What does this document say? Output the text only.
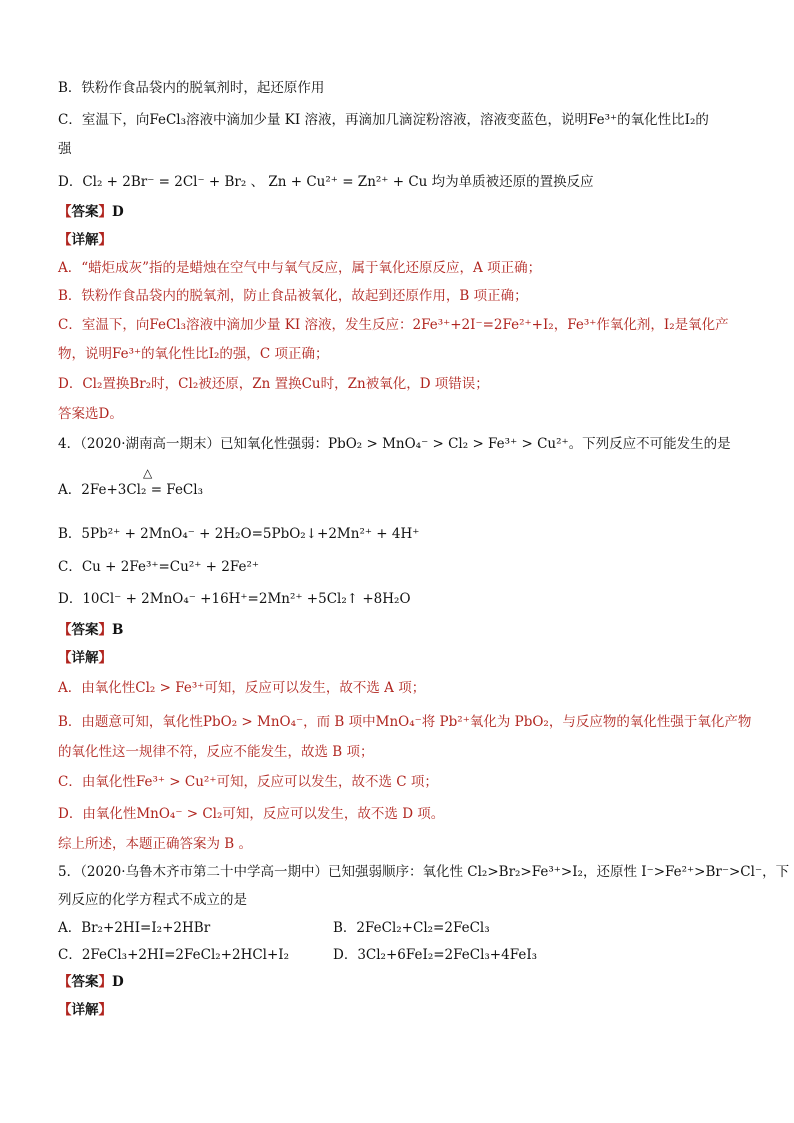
B．铁粉作食品袋内的脱氧剂时，起还原作用
C．室温下，向FeCl₃溶液中滴加少量 KI 溶液，再滴加几滴淀粉溶液，溶液变蓝色，说明Fe³⁺的氧化性比I₂的
强
D．Cl₂ + 2Br⁻ = 2Cl⁻ + Br₂ 、 Zn + Cu²⁺ = Zn²⁺ + Cu 均为单质被还原的置换反应
【答案】D
【详解】
A．“蜡炬成灰”指的是蜡烛在空气中与氧气反应，属于氧化还原反应，A 项正确；
B．铁粉作食品袋内的脱氧剂，防止食品被氧化，故起到还原作用，B 项正确；
C．室温下，向FeCl₃溶液中滴加少量 KI 溶液，发生反应：2Fe³⁺+2I⁻=2Fe²⁺+I₂，Fe³⁺作氧化剂，I₂是氧化产
物，说明Fe³⁺的氧化性比I₂的强，C 项正确；
D．Cl₂置换Br₂时，Cl₂被还原，Zn 置换Cu时，Zn被氧化，D 项错误；
答案选D。
4．（2020·湖南高一期末）已知氧化性强弱：PbO₂ > MnO₄⁻ > Cl₂ > Fe³⁺ > Cu²⁺。下列反应不可能发生的是
△
A．2Fe+3Cl₂ = FeCl₃
B．5Pb²⁺ + 2MnO₄⁻ + 2H₂O=5PbO₂↓+2Mn²⁺ + 4H⁺
C．Cu + 2Fe³⁺=Cu²⁺ + 2Fe²⁺
D．10Cl⁻ + 2MnO₄⁻ +16H⁺=2Mn²⁺ +5Cl₂↑ +8H₂O
【答案】B
【详解】
A．由氧化性Cl₂ > Fe³⁺可知，反应可以发生，故不选 A 项；
B．由题意可知，氧化性PbO₂ > MnO₄⁻，而 B 项中MnO₄⁻将 Pb²⁺氧化为 PbO₂，与反应物的氧化性强于氧化产物
的氧化性这一规律不符，反应不能发生，故选 B 项；
C．由氧化性Fe³⁺ > Cu²⁺可知，反应可以发生，故不选 C 项；
D．由氧化性MnO₄⁻ > Cl₂可知，反应可以发生，故不选 D 项。
综上所述，本题正确答案为 B 。
5．（2020·乌鲁木齐市第二十中学高一期中）已知强弱顺序：氧化性 Cl₂>Br₂>Fe³⁺>I₂，还原性 I⁻>Fe²⁺>Br⁻>Cl⁻，下
列反应的化学方程式不成立的是
A．Br₂+2HI=I₂+2HBr	B．2FeCl₂+Cl₂=2FeCl₃
C．2FeCl₃+2HI=2FeCl₂+2HCl+I₂	D．3Cl₂+6FeI₂=2FeCl₃+4FeI₃
【答案】D
【详解】
